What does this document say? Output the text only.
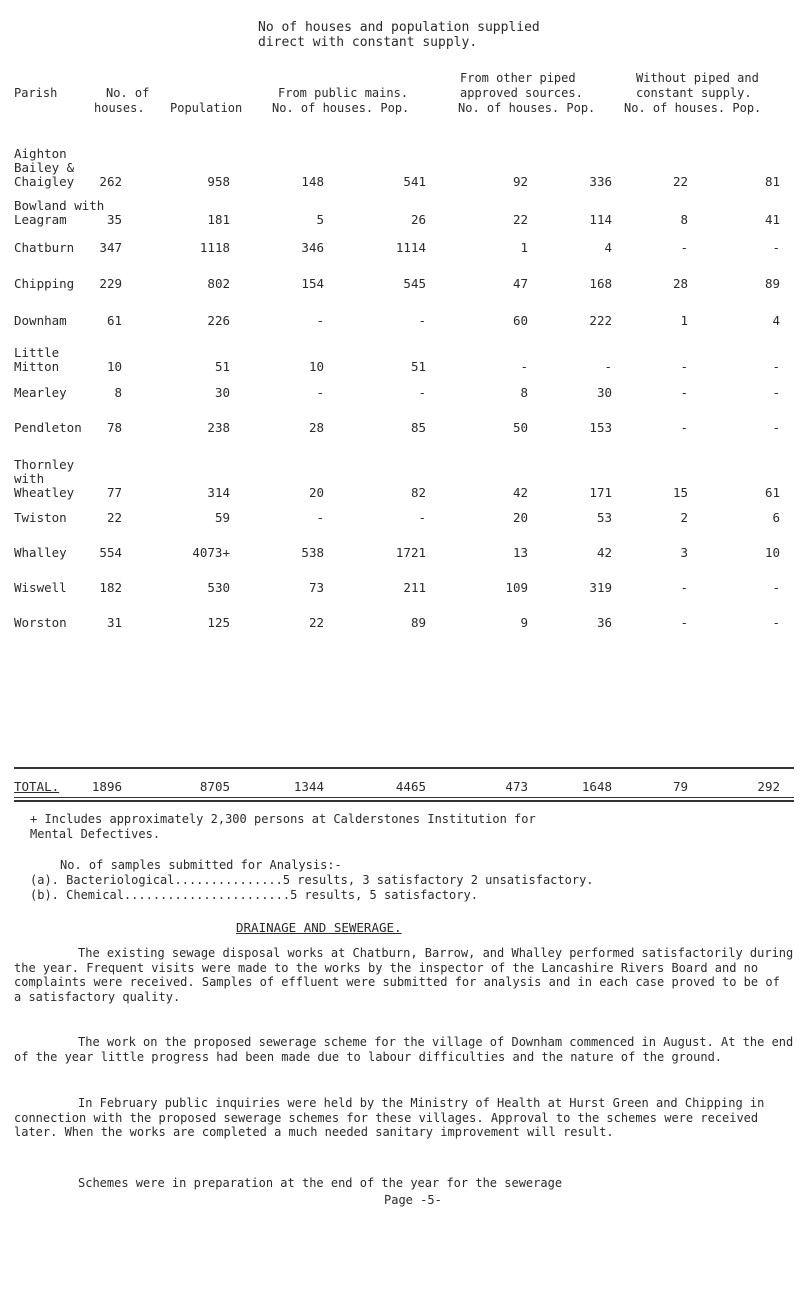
No of houses and population supplied
direct with constant supply.
Parish	No. of
houses. Population
From public mains.
No. of houses. Pop.
From other piped
approved sources.
No. of houses. Pop.
Without piped and
constant supply.
No. of houses. Pop.
Aighton
Bailey &
Chaigley 262	958	148	541	92	336	22	81
Bowland with
Leagram	35	181	5	26	22	114	8	41
Chatburn 347	1118	346	1114	1	4	-	-
Chipping 229	802	154	545	47	168	28	89
Downham	61	226	-	-	60	222	1	4
Little
Mitton	10	51	10	51	-	-	-	-
Mearley	8	30	-	-	8	30	-	-
Pendleton 78	238	28	85	50	153	-	-
Thornley
with
Wheatley	77	314	20	82	42	171	15	61
Twiston	22	59	-	-	20	53	2	6
Whalley	554	4073+	538	1721	13	42	3	10
Wiswell	182	530	73	211	109	319	-	-
Worston	31	125	22	89	9	36	-	-
TOTAL.	1896	8705	1344	4465	473	1648	79	292
+ Includes approximately 2,300 persons at Calderstones Institution for
Mental Defectives.
No. of samples submitted for Analysis:-
(a). Bacteriological...............5 results, 3 satisfactory 2 unsatisfactory.
(b). Chemical.......................5 results, 5 satisfactory.
DRAINAGE AND SEWERAGE.
The existing sewage disposal works at Chatburn, Barrow, and Whalley performed satisfactorily during the year. Frequent visits were made to the works by the inspector of the Lancashire Rivers Board and no complaints were received. Samples of effluent were submitted for analysis and in each case proved to be of a satisfactory quality.
The work on the proposed sewerage scheme for the village of Downham commenced in August. At the end of the year little progress had been made due to labour difficulties and the nature of the ground.
In February public inquiries were held by the Ministry of Health at Hurst Green and Chipping in connection with the proposed sewerage schemes for these villages. Approval to the schemes were received later. When the works are completed a much needed sanitary improvement will result.
Schemes were in preparation at the end of the year for the sewerage
Page -5-
